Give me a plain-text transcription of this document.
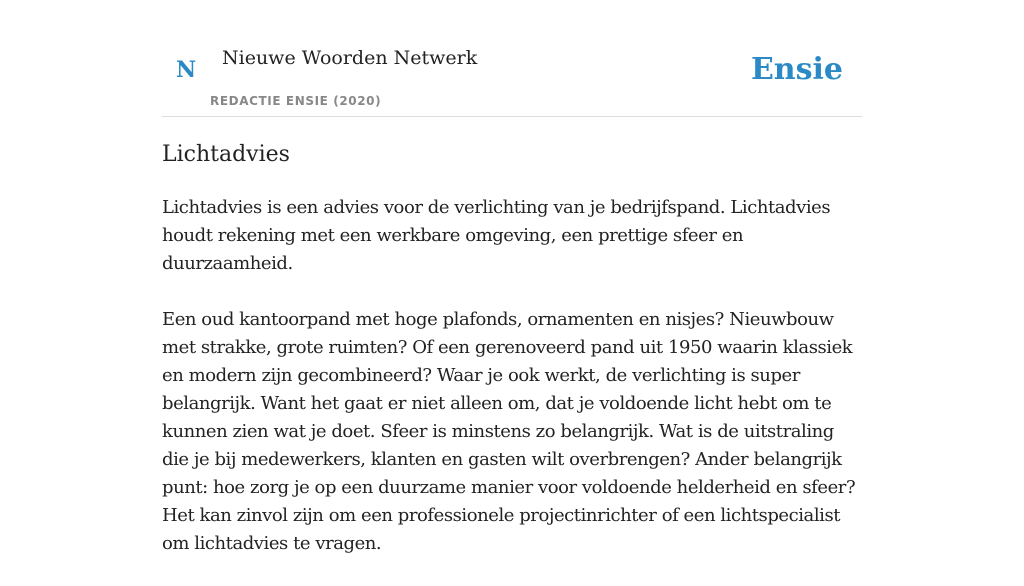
N Nieuwe Woorden Netwerk
REDACTIE ENSIE (2020)
Ensie
Lichtadvies

Lichtadvies is een advies voor de verlichting van je bedrijfspand. Lichtadvies houdt rekening met een werkbare omgeving, een prettige sfeer en duurzaamheid.

Een oud kantoorpand met hoge plafonds, ornamenten en nisjes? Nieuwbouw met strakke, grote ruimten? Of een gerenoveerd pand uit 1950 waarin klassiek en modern zijn gecombineerd? Waar je ook werkt, de verlichting is super belangrijk. Want het gaat er niet alleen om, dat je voldoende licht hebt om te kunnen zien wat je doet. Sfeer is minstens zo belangrijk. Wat is de uitstraling die je bij medewerkers, klanten en gasten wilt overbrengen? Ander belangrijk punt: hoe zorg je op een duurzame manier voor voldoende helderheid en sfeer? Het kan zinvol zijn om een professionele projectinrichter of een lichtspecialist om lichtadvies te vragen.
